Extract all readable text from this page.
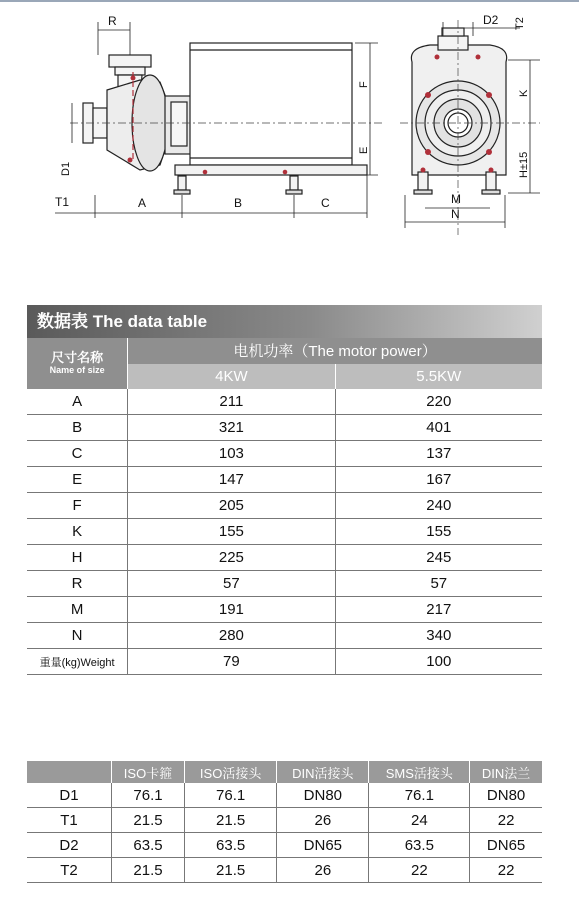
R	D2 T2
F
E
K
H±15
D1
T1	A	B	C	M
N
数据表 The data table
尺寸名称
Name of size	电机功率（The motor power）	
	4KW	5.5KW
A	211	220
B	321	401
C	103	137
E	147	167
F	205	240
K	155	155
H	225	245
R	57	57
M	191	217
N	280	340
重量(kg)Weight	79	100
	ISO卡箍	ISO活接头	DIN活接头	SMS活接头	DIN法兰
D1	76.1	76.1	DN80	76.1	DN80
T1	21.5	21.5	26	24	22
D2	63.5	63.5	DN65	63.5	DN65
T2	21.5	21.5	26	22	22
